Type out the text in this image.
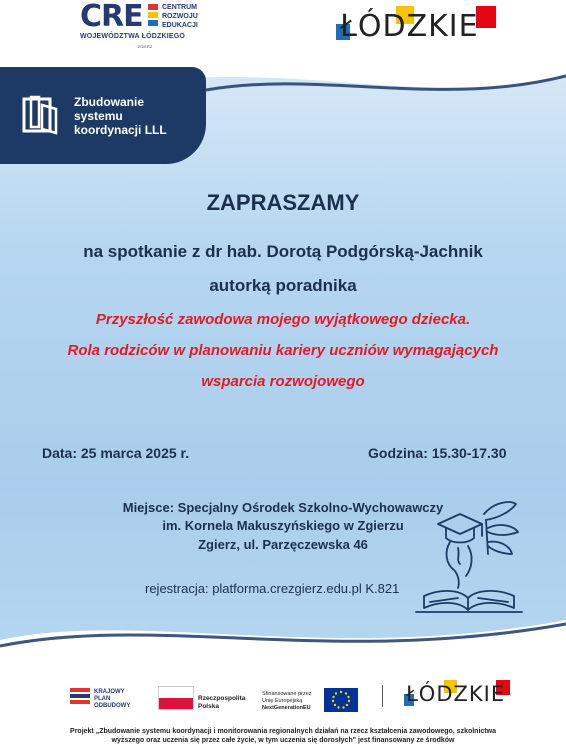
CRE	CENTRUM
ROZWOJU
EDUKACJI
WOJEWÓDZTWA ŁÓDZKIEGO
ZGIERZ
ŁÓDZKIE
Zbudowanie
systemu
koordynacji LLL
ZAPRASZAMY
na spotkanie z dr hab. Dorotą Podgórską-Jachnik
autorką poradnika
Przyszłość zawodowa mojego wyjątkowego dziecka.
Rola rodziców w planowaniu kariery uczniów wymagających
wsparcia rozwojowego
Data: 25 marca 2025 r.	Godzina: 15.30-17.30
Miejsce: Specjalny Ośrodek Szkolno-Wychowawczy
im. Kornela Makuszyńskiego w Zgierzu
Zgierz, ul. Parzęczewska 46
rejestracja: platforma.crezgierz.edu.pl K.821
KRAJOWY
PLAN
ODBUDOWY
Rzeczpospolita
Polska
Sfinansowane przez
Unię Europejską
NextGenerationEU
ŁÓDZKIE
Projekt „Zbudowanie systemu koordynacji i monitorowania regionalnych działań na rzecz kształcenia zawodowego, szkolnictwa
wyższego oraz uczenia się przez całe życie, w tym uczenia się dorosłych" jest finansowany ze środków
